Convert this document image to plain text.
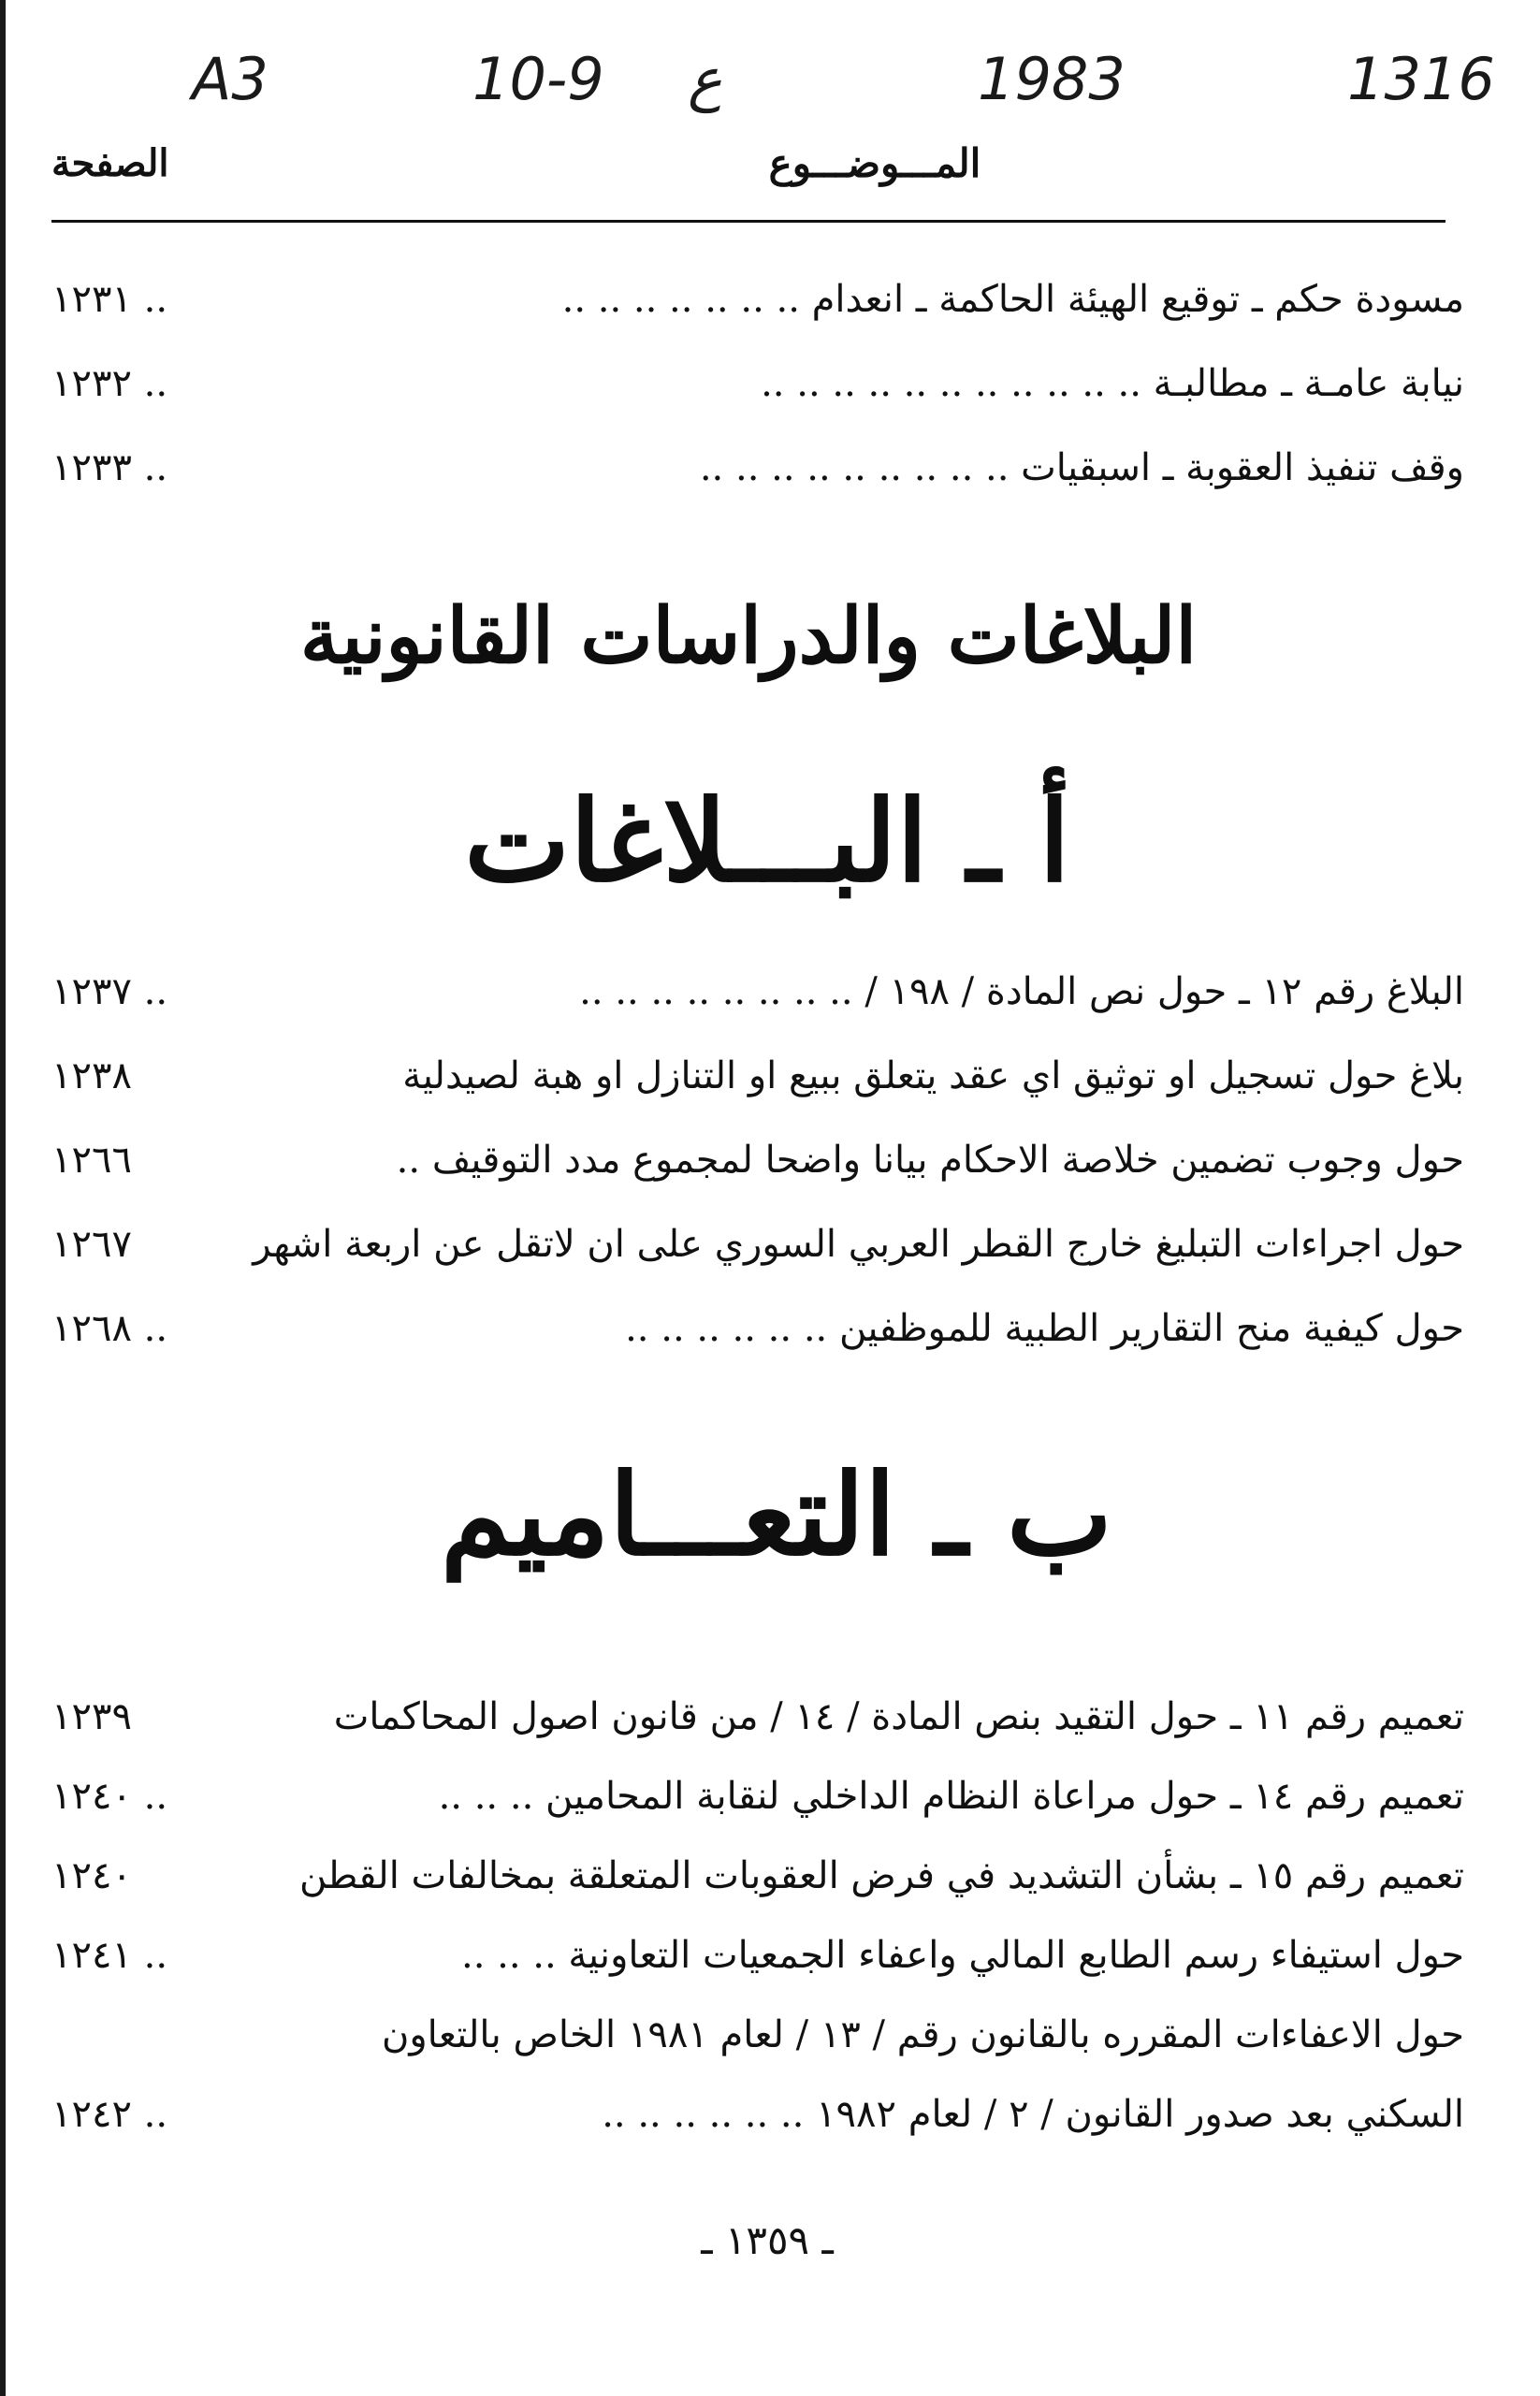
A3	10-9 ع	1983	1316
الصفحة	المـــوضـــوع
١٢٣١ ..	مسودة حكم ـ توقيع الهيئة الحاكمة ـ انعدام .. .. .. .. .. .. ..
١٢٣٢ ..	نيابة عامـة ـ مطالبـة .. .. .. .. .. .. .. .. .. .. ..
١٢٣٣ ..	وقف تنفيذ العقوبة ـ اسبقيات .. .. .. .. .. .. .. .. ..
البلاغات والدراسات القانونية
أ ـ البـــلاغات
١٢٣٧ ..	البلاغ رقم ١٢ ـ حول نص المادة / ١٩٨ / .. .. .. .. .. .. .. ..
١٢٣٨	بلاغ حول تسجيل او توثيق اي عقد يتعلق ببيع او التنازل او هبة لصيدلية
١٢٦٦	حول وجوب تضمين خلاصة الاحكام بيانا واضحا لمجموع مدد التوقيف ..
١٢٦٧	حول اجراءات التبليغ خارج القطر العربي السوري على ان لاتقل عن اربعة اشهر
١٢٦٨ ..	حول كيفية منح التقارير الطبية للموظفين .. .. .. .. .. ..
ب ـ التعـــاميم
١٢٣٩	تعميم رقم ١١ ـ حول التقيد بنص المادة / ١٤ / من قانون اصول المحاكمات
١٢٤٠ ..	تعميم رقم ١٤ ـ حول مراعاة النظام الداخلي لنقابة المحامين .. .. ..
١٢٤٠	تعميم رقم ١٥ ـ بشأن التشديد في فرض العقوبات المتعلقة بمخالفات القطن
١٢٤١ ..	حول استيفاء رسم الطابع المالي واعفاء الجمعيات التعاونية .. .. ..
حول الاعفاءات المقرره بالقانون رقم / ١٣ / لعام ١٩٨١ الخاص بالتعاون
١٢٤٢ ..	السكني بعد صدور القانون / ٢ / لعام ١٩٨٢ .. .. .. .. .. ..
ـ ١٣٥٩ ـ
